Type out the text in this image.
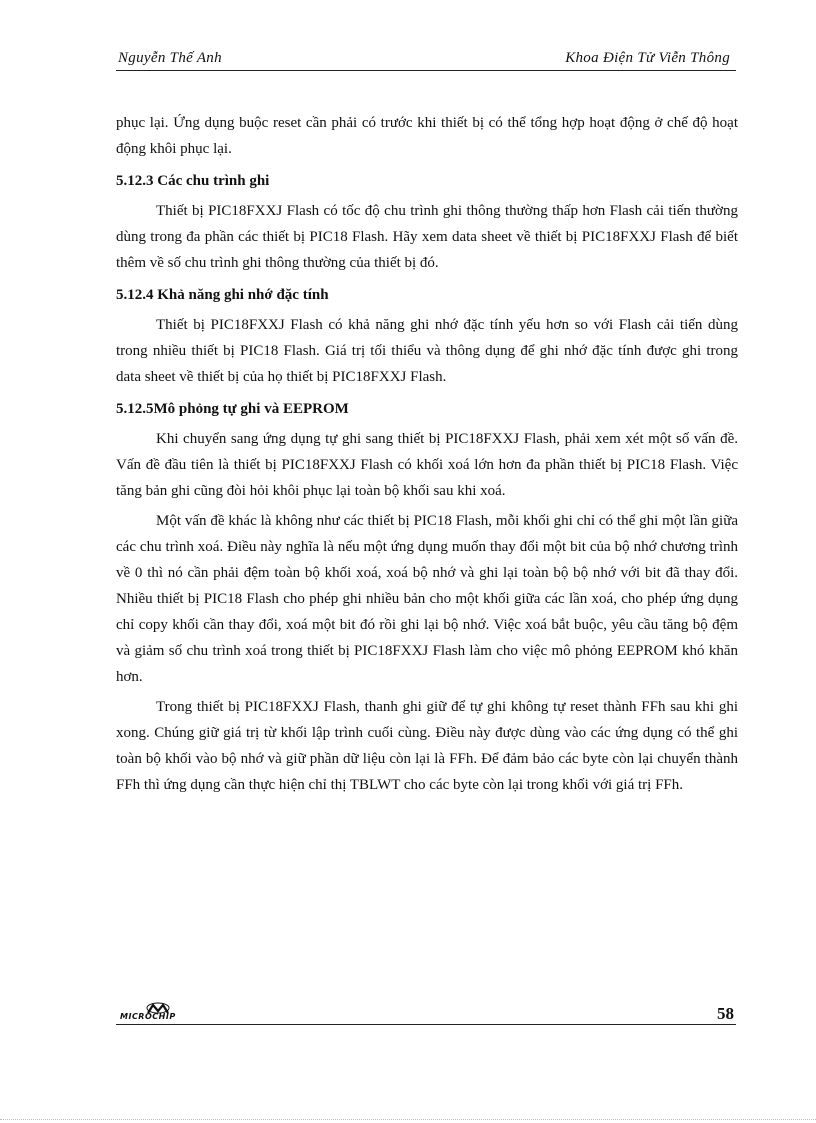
Nguyễn Thế Anh	Khoa Điện Tử Viễn Thông

phục lại. Ứng dụng buộc reset cần phải có trước khi thiết bị có thể tổng hợp hoạt động ở chế độ hoạt động khôi phục lại.

5.12.3 Các chu trình ghi

Thiết bị PIC18FXXJ Flash có tốc độ chu trình ghi thông thường thấp hơn Flash cải tiến thường dùng trong đa phần các thiết bị PIC18 Flash. Hãy xem data sheet về thiết bị PIC18FXXJ Flash để biết thêm về số chu trình ghi thông thường của thiết bị đó.

5.12.4 Khả năng ghi nhớ đặc tính

Thiết bị PIC18FXXJ Flash có khả năng ghi nhớ đặc tính yếu hơn so với Flash cải tiến dùng trong nhiều thiết bị PIC18 Flash. Giá trị tối thiểu và thông dụng để ghi nhớ đặc tính được ghi trong data sheet về thiết bị của họ thiết bị PIC18FXXJ Flash.

5.12.5Mô phỏng tự ghi và EEPROM

Khi chuyển sang ứng dụng tự ghi sang thiết bị PIC18FXXJ Flash, phải xem xét một số vấn đề. Vấn đề đầu tiên là thiết bị PIC18FXXJ Flash có khối xoá lớn hơn đa phần thiết bị PIC18 Flash. Việc tăng bản ghi cũng đòi hỏi khôi phục lại toàn bộ khối sau khi xoá.

Một vấn đề khác là không như các thiết bị PIC18 Flash, mỗi khối ghi chỉ có thể ghi một lần giữa các chu trình xoá. Điều này nghĩa là nếu một ứng dụng muốn thay đổi một bit của bộ nhớ chương trình về 0 thì nó cần phải đệm toàn bộ khối xoá, xoá bộ nhớ và ghi lại toàn bộ bộ nhớ với bit đã thay đổi. Nhiều thiết bị PIC18 Flash cho phép ghi nhiều bản cho một khối giữa các lần xoá, cho phép ứng dụng chỉ copy khối cần thay đổi, xoá một bit đó rồi ghi lại bộ nhớ. Việc xoá bắt buộc, yêu cầu tăng bộ đệm và giảm số chu trình xoá trong thiết bị PIC18FXXJ Flash làm cho việc mô phỏng EEPROM khó khăn hơn.

Trong thiết bị PIC18FXXJ Flash, thanh ghi giữ để tự ghi không tự reset thành FFh sau khi ghi xong. Chúng giữ giá trị từ khối lập trình cuối cùng. Điều này được dùng vào các ứng dụng có thể ghi toàn bộ khối vào bộ nhớ và giữ phần dữ liệu còn lại là FFh. Để đảm bảo các byte còn lại chuyển thành FFh thì ứng dụng cần thực hiện chỉ thị TBLWT cho các byte còn lại trong khối với giá trị FFh.

MICROCHIP	58
